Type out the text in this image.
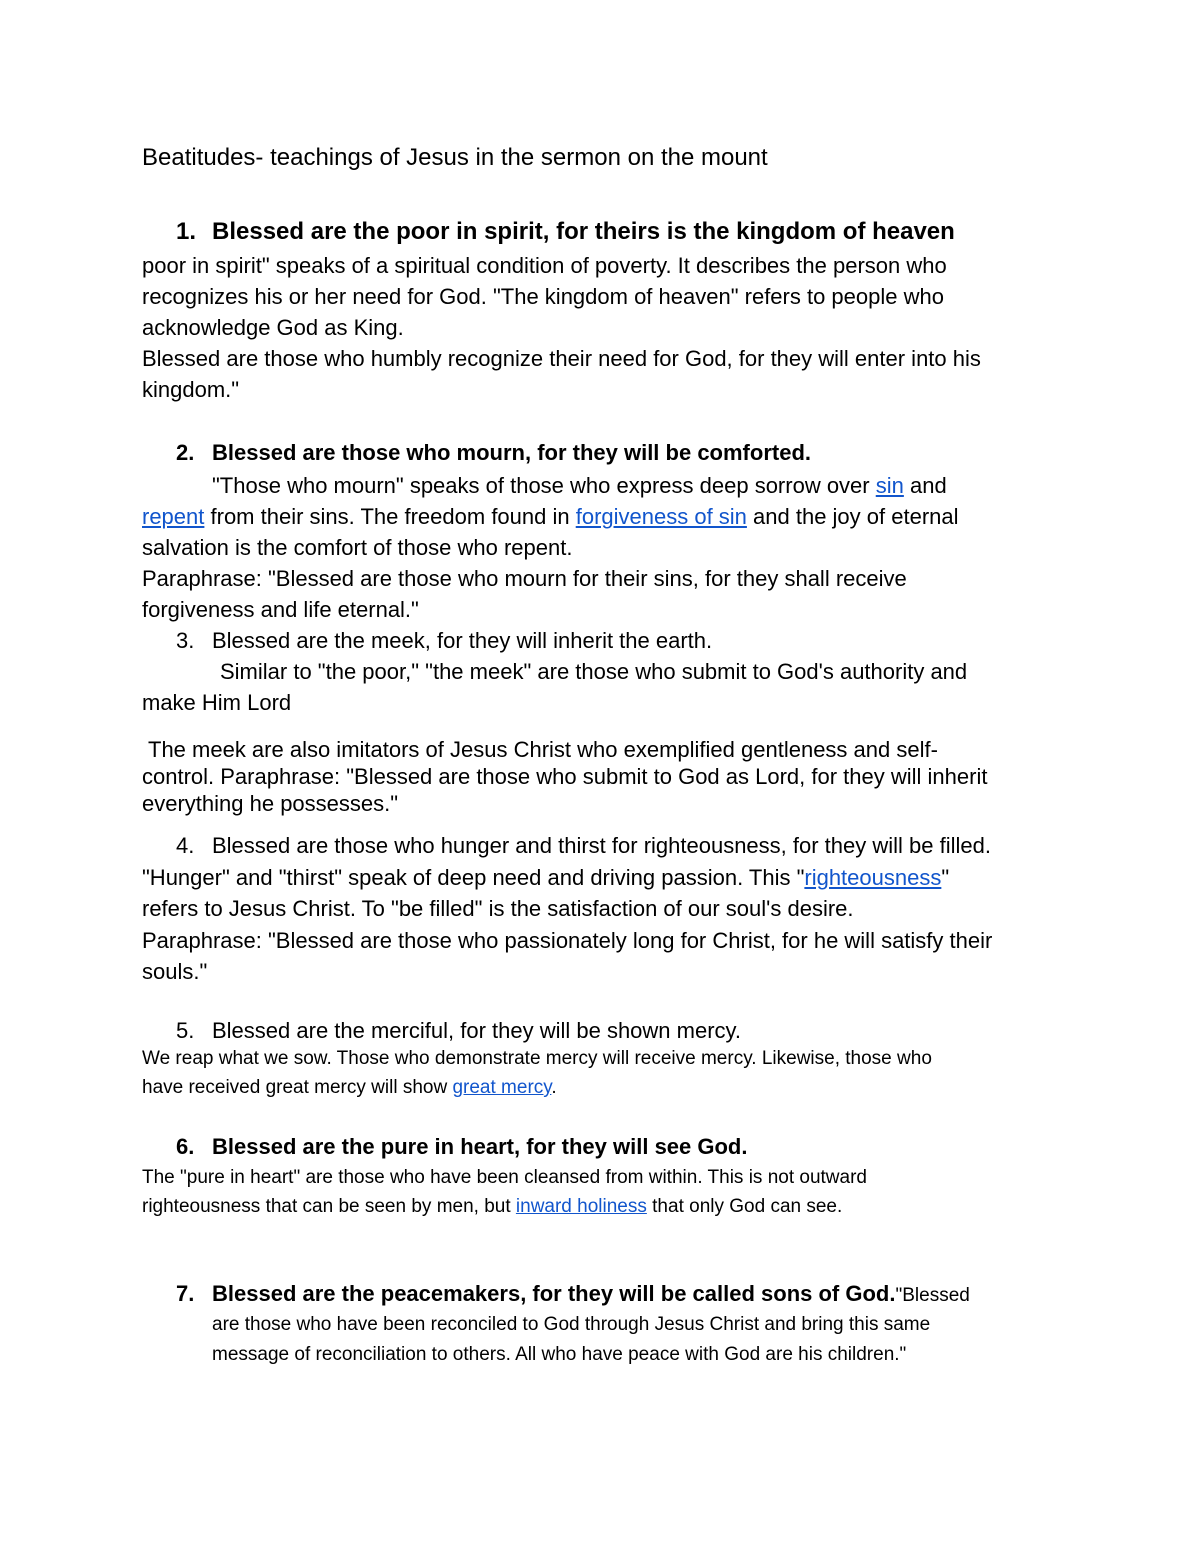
Beatitudes- teachings of Jesus in the sermon on the mount
1. Blessed are the poor in spirit, for theirs is the kingdom of heaven
poor in spirit" speaks of a spiritual condition of poverty. It describes the person who
recognizes his or her need for God. "The kingdom of heaven" refers to people who
acknowledge God as King.
Blessed are those who humbly recognize their need for God, for they will enter into his
kingdom."
2. Blessed are those who mourn, for they will be comforted.
"Those who mourn" speaks of those who express deep sorrow over sin and
repent from their sins. The freedom found in forgiveness of sin and the joy of eternal
salvation is the comfort of those who repent.
Paraphrase: "Blessed are those who mourn for their sins, for they shall receive
forgiveness and life eternal."
3. Blessed are the meek, for they will inherit the earth.
Similar to "the poor," "the meek" are those who submit to God's authority and
make Him Lord
The meek are also imitators of Jesus Christ who exemplified gentleness and self-
control. Paraphrase: "Blessed are those who submit to God as Lord, for they will inherit
everything he possesses."
4. Blessed are those who hunger and thirst for righteousness, for they will be filled.
"Hunger" and "thirst" speak of deep need and driving passion. This "righteousness"
refers to Jesus Christ. To "be filled" is the satisfaction of our soul's desire.
Paraphrase: "Blessed are those who passionately long for Christ, for he will satisfy their
souls."
5. Blessed are the merciful, for they will be shown mercy.
We reap what we sow. Those who demonstrate mercy will receive mercy. Likewise, those who
have received great mercy will show great mercy.
6. Blessed are the pure in heart, for they will see God.
The "pure in heart" are those who have been cleansed from within. This is not outward
righteousness that can be seen by men, but inward holiness that only God can see.
7. Blessed are the peacemakers, for they will be called sons of God."Blessed
are those who have been reconciled to God through Jesus Christ and bring this same
message of reconciliation to others. All who have peace with God are his children."
